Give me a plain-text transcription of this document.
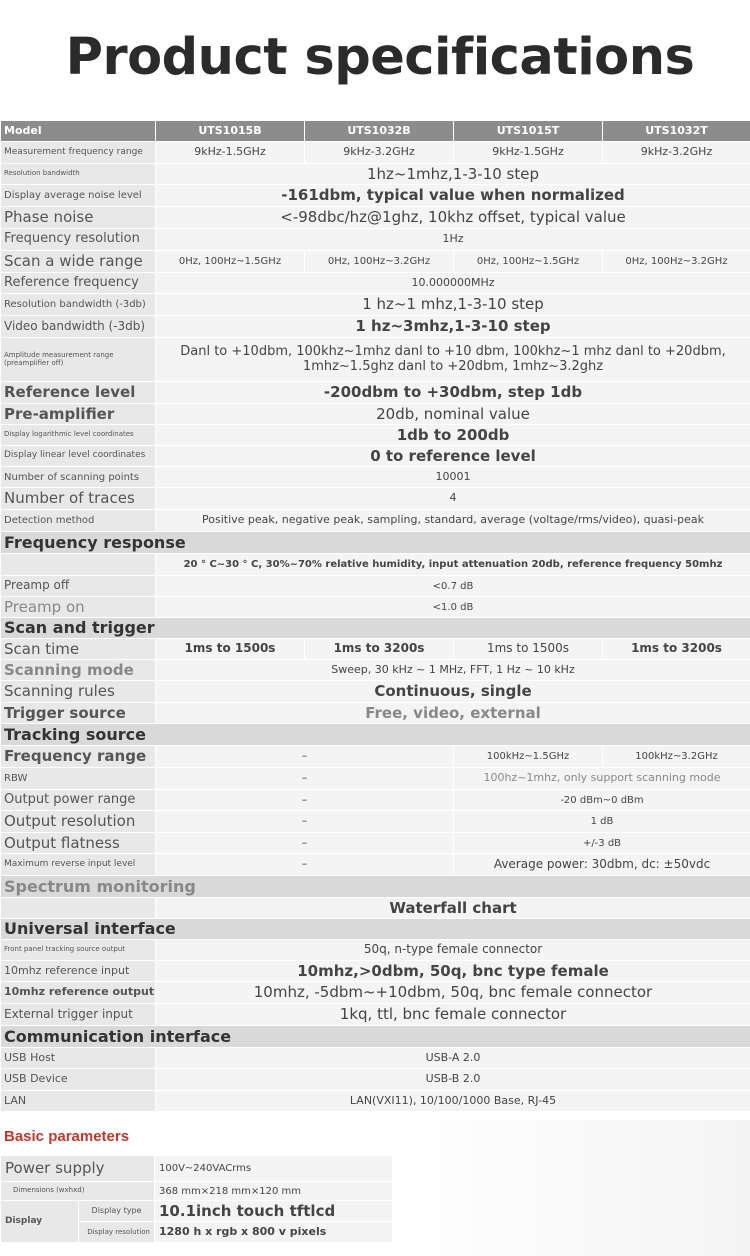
Product specifications
Model	UTS1015B	UTS1032B	UTS1015T	UTS1032T
Measurement frequency range	9kHz-1.5GHz	9kHz-3.2GHz	9kHz-1.5GHz	9kHz-3.2GHz
Resolution bandwidth	1hz~1mhz,1-3-10 step			
Display average noise level	-161dbm, typical value when normalized			
Phase noise	<-98dbc/hz@1ghz, 10khz offset, typical value			
Frequency resolution	1Hz			
Scan a wide range	0Hz, 100Hz~1.5GHz	0Hz, 100Hz~3.2GHz	0Hz, 100Hz~1.5GHz	0Hz, 100Hz~3.2GHz
Reference frequency	10.000000MHz			
Resolution bandwidth (-3db)	1 hz~1 mhz,1-3-10 step			
Video bandwidth (-3db)	1 hz~3mhz,1-3-10 step			
Amplitude measurement range (preamplifier off)	Danl to +10dbm, 100khz~1mhz danl to +10 dbm, 100khz~1 mhz danl to +20dbm, 1mhz~1.5ghz danl to +20dbm, 1mhz~3.2ghz			
Reference level	-200dbm to +30dbm, step 1db			
Pre-amplifier	20db, nominal value			
Display logarithmic level coordinates	1db to 200db			
Display linear level coordinates	0 to reference level			
Number of scanning points	10001			
Number of traces	4			
Detection method	Positive peak, negative peak, sampling, standard, average (voltage/rms/video), quasi-peak			
Frequency response				
	20 ° C~30 ° C, 30%~70% relative humidity, input attenuation 20db, reference frequency 50mhz			
Preamp off	<0.7 dB			
Preamp on	<1.0 dB			
Scan and trigger				
Scan time	1ms to 1500s	1ms to 3200s	1ms to 1500s	1ms to 3200s
Scanning mode	Sweep, 30 kHz ~ 1 MHz, FFT, 1 Hz ~ 10 kHz			
Scanning rules	Continuous, single			
Trigger source	Free, video, external			
Tracking source				
Frequency range	–		100kHz~1.5GHz	100kHz~3.2GHz
RBW	–		100hz~1mhz, only support scanning mode	
Output power range	–		-20 dBm~0 dBm	
Output resolution	–		1 dB	
Output flatness	–		+/-3 dB	
Maximum reverse input level	–		Average power: 30dbm, dc: ±50vdc	
Spectrum monitoring				
	Waterfall chart			
Universal interface				
Front panel tracking source output	50q, n-type female connector			
10mhz reference input	10mhz,>0dbm, 50q, bnc type female			
10mhz reference output	10mhz, -5dbm~+10dbm, 50q, bnc female connector			
External trigger input	1kq, ttl, bnc female connector			
Communication interface				
USB Host	USB-A 2.0			
USB Device	USB-B 2.0			
LAN	LAN(VXI11), 10/100/1000 Base, RJ-45			
Basic parameters
Power supply		100V~240VACrms
Dimensions (wxhxd)		368 mm×218 mm×120 mm
Display	Display type	10.1inch touch tftlcd
	Display resolution	1280 h x rgb x 800 v pixels
